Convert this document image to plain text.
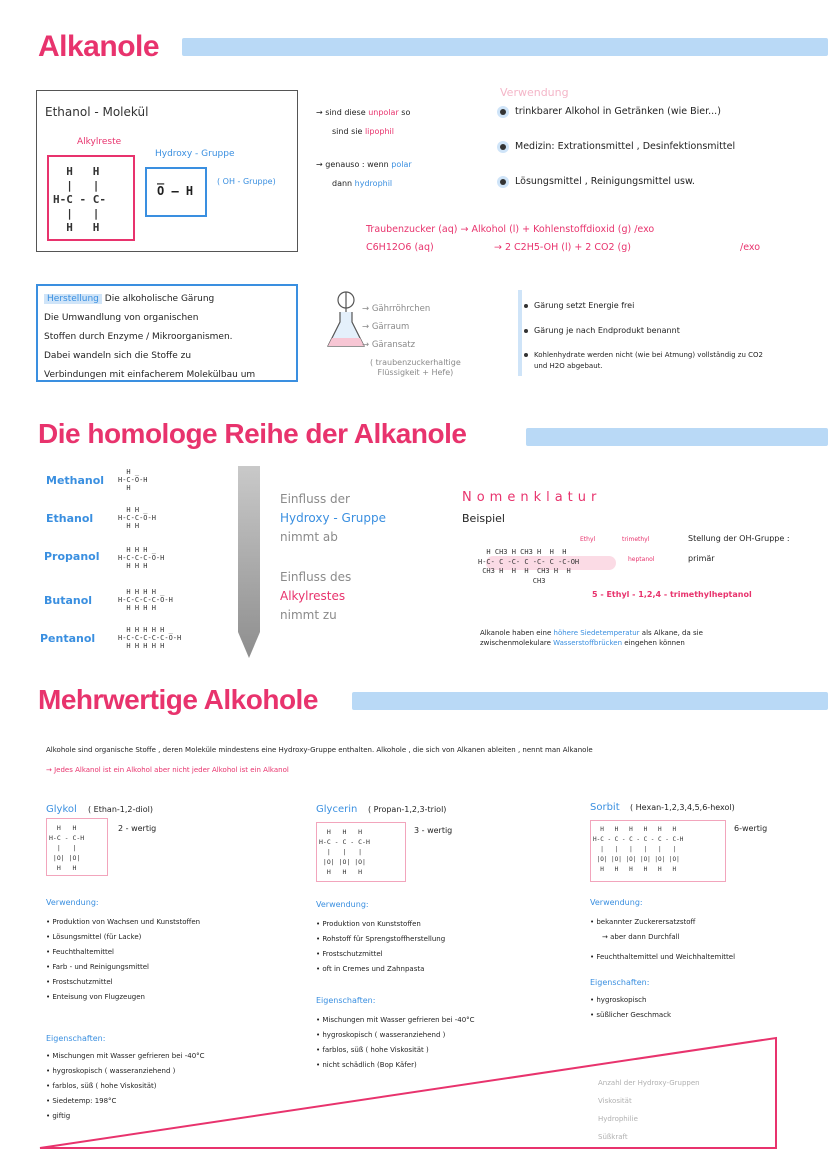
Alkanole
Ethanol - Molekül
Alkylreste
Hydroxy - Gruppe
( OH - Gruppe)
H   H
|   |
H-C - C-
|   |
H   H
O̅ – H
→ sind diese unpolar so
sind sie lipophil
→ genauso : wenn polar
dann hydrophil
Verwendung
trinkbarer Alkohol in Getränken (wie Bier...)
Medizin: Extrationsmittel , Desinfektionsmittel
Lösungsmittel , Reinigungsmittel usw.
Traubenzucker (aq) → Alkohol (l) + Kohlenstoffdioxid (g) /exo
C6H12O6 (aq)	→ 2 C2H5-OH (l) + 2 CO2 (g)	/exo
Herstellung Die alkoholische Gärung
Die Umwandlung von organischen
Stoffen durch Enzyme / Mikroorganismen.
Dabei wandeln sich die Stoffe zu
Verbindungen mit einfacherem Molekülbau um
→ Gährröhrchen
→ Gärraum
→ Gäransatz
( traubenzuckerhaltige
Flüssigkeit + Hefe)
Gärung setzt Energie frei
Gärung je nach Endprodukt benannt
Kohlenhydrate werden nicht (wie bei Atmung) vollständig zu CO2 und H2O abgebaut.
Die homologe Reihe der Alkanole
Methanol
H
H-C-O̅-H
H
Ethanol
H H
H-C-C-O̅-H
H H
Propanol	H H H
H-C-C-C-O̅-H
H H H
Butanol
H H H H
H-C-C-C-C-O̅-H
H H H H
Pentanol
H H H H H
H-C-C-C-C-C-O̅-H
H H H H H
Einfluss der
Hydroxy - Gruppe
nimmt ab
Einfluss des
Alkylrestes
nimmt zu
Nomenklatur
Beispiel
Ethyl	trimethyl
heptanol
H CH3 H CH3 H  H  H
H-C- C -C- C -C- C -C-OH
CH3 H  H  H  CH3 H  H
CH3
Stellung der OH-Gruppe :
primär
5 - Ethyl - 1,2,4 - trimethylheptanol
Alkanole haben eine höhere Siedetemperatur als Alkane, da sie zwischenmolekulare Wasserstoffbrücken eingehen können
Mehrwertige Alkohole
Alkohole sind organische Stoffe , deren Moleküle mindestens eine Hydroxy-Gruppe enthalten. Alkohole , die sich von Alkanen ableiten , nennt man Alkanole
→ Jedes Alkanol ist ein Alkohol aber nicht jeder Alkohol ist ein Alkanol
Glykol ( Ethan-1,2-diol)
2 - wertig
H   H
H-C - C-H
|   |
|O| |O|
H   H
Verwendung:
• Produktion von Wachsen und Kunststoffen
• Lösungsmittel (für Lacke)
• Feuchthaltemittel
• Farb - und Reinigungsmittel
• Frostschutzmittel
• Enteisung von Flugzeugen
Eigenschaften:
• Mischungen mit Wasser gefrieren bei -40°C
• hygroskopisch ( wasseranziehend )
• farblos, süß ( hohe Viskosität)
• Siedetemp: 198°C
• giftig
Glycerin ( Propan-1,2,3-triol)
3 - wertig
H   H   H
H-C - C - C-H
|   |   |
|O| |O| |O|
H   H   H
Verwendung:
• Produktion von Kunststoffen
• Rohstoff für Sprengstoffherstellung
• Frostschutzmittel
• oft in Cremes und Zahnpasta
Eigenschaften:
• Mischungen mit Wasser gefrieren bei -40°C
• hygroskopisch ( wasseranziehend )
• farblos, süß ( hohe Viskosität )
• nicht schädlich (Bop Käfer)
Sorbit ( Hexan-1,2,3,4,5,6-hexol)
6-wertig
H   H   H   H   H   H
H-C - C - C - C - C - C-H
|   |   |   |   |   |
|O| |O| |O| |O| |O| |O|
H   H   H   H   H   H
Verwendung:
• bekannter Zuckerersatzstoff
→ aber dann Durchfall
• Feuchthaltemittel und Weichhaltemittel
Eigenschaften:
• hygroskopisch
• süßlicher Geschmack
Anzahl der Hydroxy-Gruppen
Viskosität
Hydrophilie
Süßkraft
